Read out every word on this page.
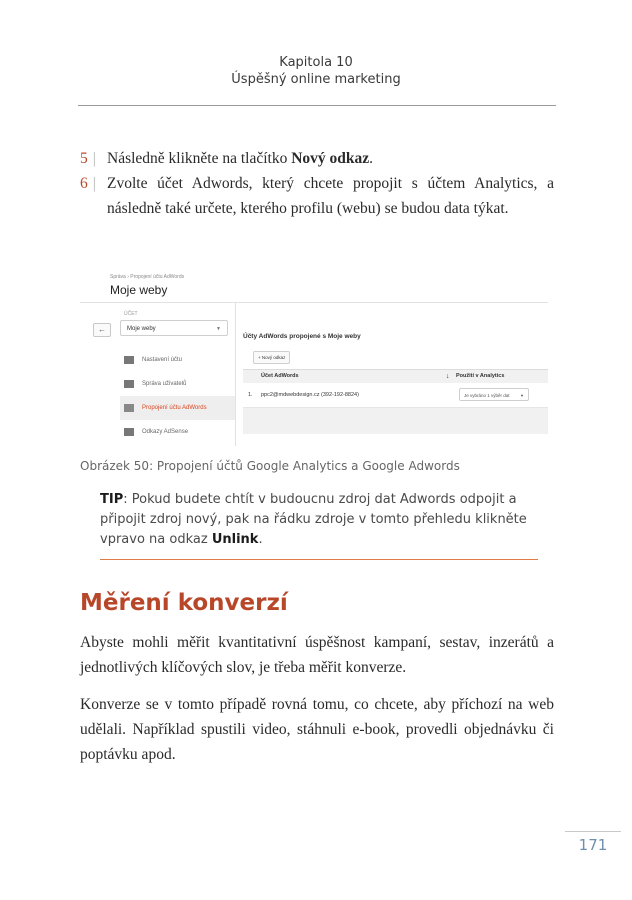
Kapitola 10
Úspěšný online marketing
5 | Následně klikněte na tlačítko Nový odkaz.
6 | Zvolte účet Adwords, který chcete propojit s účtem Analytics, a následně také určete, kterého profilu (webu) se budou data týkat.
Správa › Propojení účtu AdWords
Moje weby
ÚČET
←	Moje weby	▼
Nastavení účtu
Správa uživatelů
Propojení účtu AdWords
Odkazy AdSense
Účty AdWords propojené s Moje weby
+ Nový odkaz
Účet AdWords	↓ Použití v Analytics
1. ppc2@mdwebdesign.cz (392-192-8824)	Je vybráno 1 výběr dat	▼
Obrázek 50: Propojení účtů Google Analytics a Google Adwords
TIP: Pokud budete chtít v budoucnu zdroj dat Adwords odpojit a připojit zdroj nový, pak na řádku zdroje v tomto přehledu klikněte vpravo na odkaz Unlink.
Měření konverzí
Abyste mohli měřit kvantitativní úspěšnost kampaní, sestav, inzerátů a jednotlivých klíčových slov, je třeba měřit konverze.
Konverze se v tomto případě rovná tomu, co chcete, aby příchozí na web udělali. Například spustili video, stáhnuli e-book, provedli objednávku či poptávku apod.
171
